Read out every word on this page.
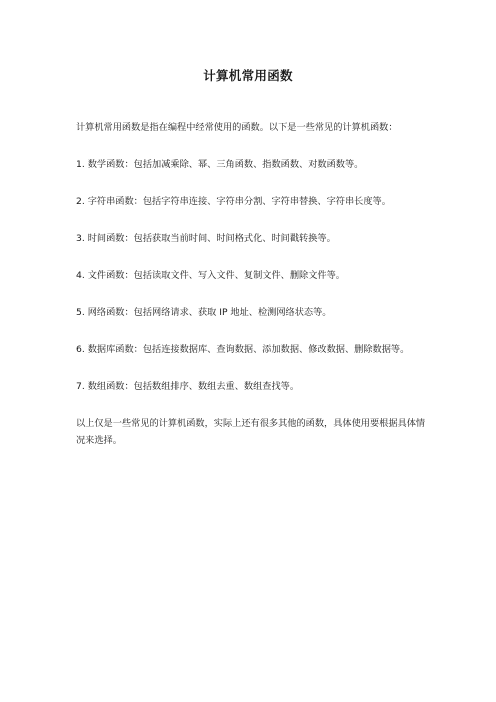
计算机常用函数

计算机常用函数是指在编程中经常使用的函数。以下是一些常见的计算机函数：

1. 数学函数：包括加减乘除、幂、三角函数、指数函数、对数函数等。

2. 字符串函数：包括字符串连接、字符串分割、字符串替换、字符串长度等。

3. 时间函数：包括获取当前时间、时间格式化、时间戳转换等。

4. 文件函数：包括读取文件、写入文件、复制文件、删除文件等。

5. 网络函数：包括网络请求、获取 IP 地址、检测网络状态等。

6. 数据库函数：包括连接数据库、查询数据、添加数据、修改数据、删除数据等。

7. 数组函数：包括数组排序、数组去重、数组查找等。

以上仅是一些常见的计算机函数，实际上还有很多其他的函数，具体使用要根据具体情况来选择。
